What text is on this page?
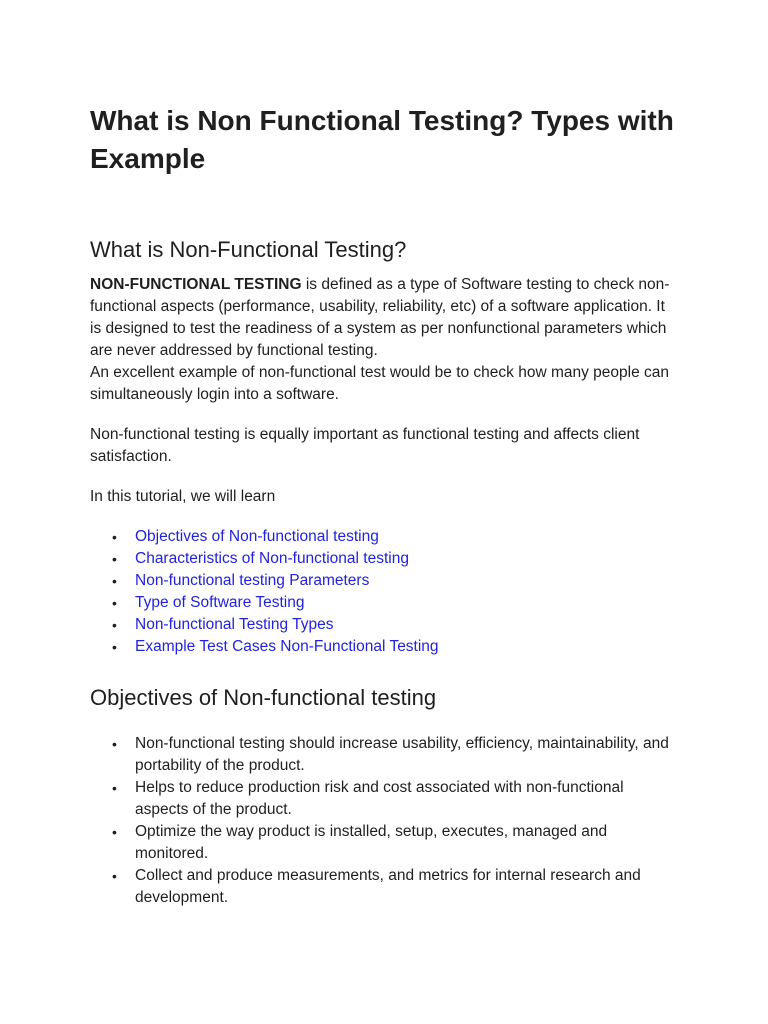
What is Non Functional Testing? Types with Example
What is Non-Functional Testing?

NON-FUNCTIONAL TESTING is defined as a type of Software testing to check non-functional aspects (performance, usability, reliability, etc) of a software application. It is designed to test the readiness of a system as per nonfunctional parameters which are never addressed by functional testing.
An excellent example of non-functional test would be to check how many people can simultaneously login into a software.

Non-functional testing is equally important as functional testing and affects client satisfaction.

In this tutorial, we will learn

• Objectives of Non-functional testing
• Characteristics of Non-functional testing
• Non-functional testing Parameters
• Type of Software Testing
• Non-functional Testing Types
• Example Test Cases Non-Functional Testing
Objectives of Non-functional testing
• Non-functional testing should increase usability, efficiency, maintainability, and portability of the product.
• Helps to reduce production risk and cost associated with non-functional aspects of the product.
• Optimize the way product is installed, setup, executes, managed and monitored.
• Collect and produce measurements, and metrics for internal research and development.
